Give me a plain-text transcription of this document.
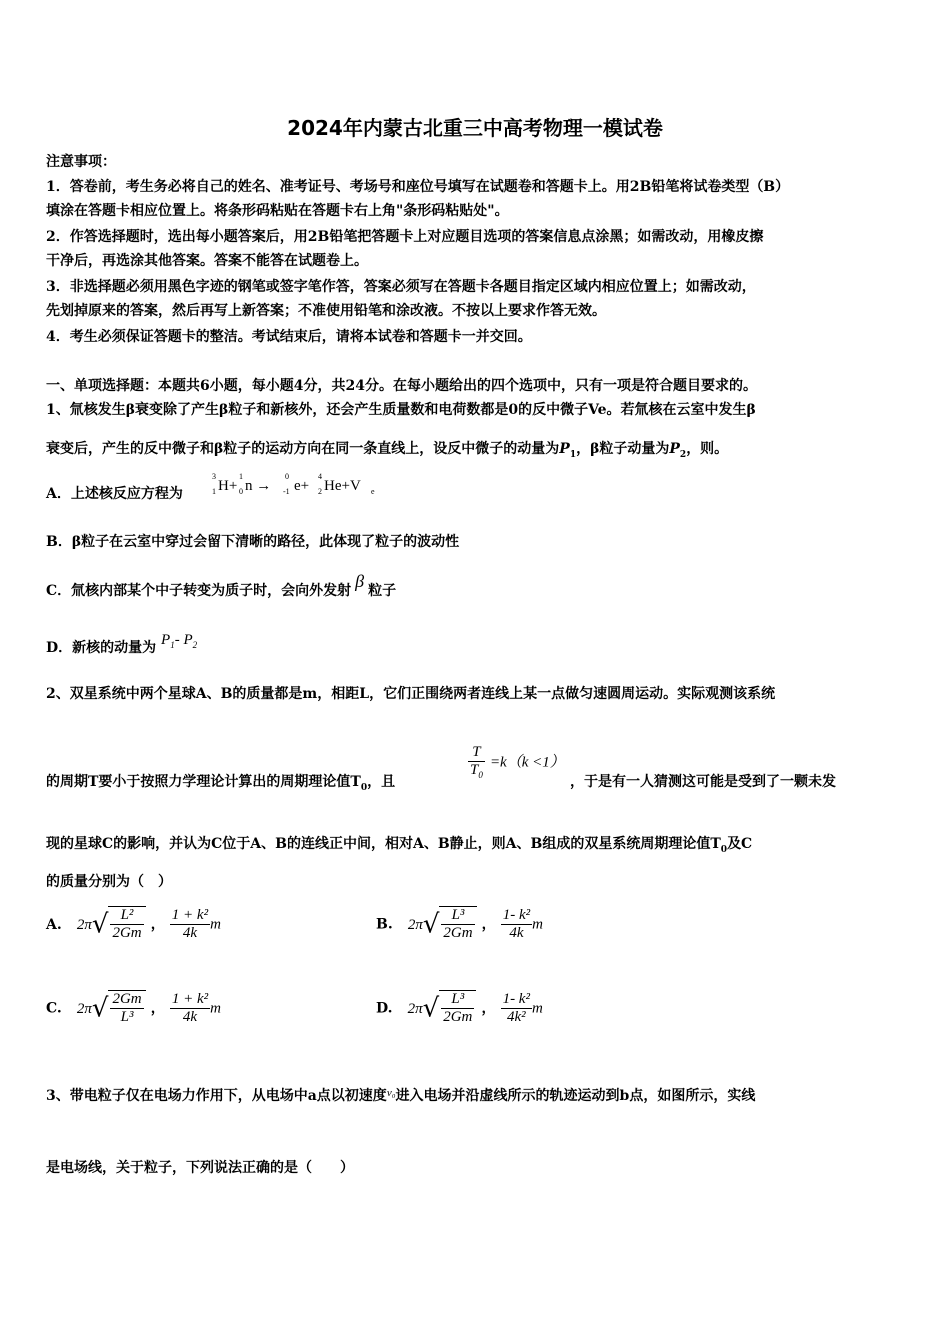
2024年内蒙古北重三中高考物理一模试卷
注意事项：
1．答卷前，考生务必将自己的姓名、准考证号、考场号和座位号填写在试题卷和答题卡上。用2B铅笔将试卷类型（B）
填涂在答题卡相应位置上。将条形码粘贴在答题卡右上角"条形码粘贴处"。
2．作答选择题时，选出每小题答案后，用2B铅笔把答题卡上对应题目选项的答案信息点涂黑；如需改动，用橡皮擦
干净后，再选涂其他答案。答案不能答在试题卷上。
3．非选择题必须用黑色字迹的钢笔或签字笔作答，答案必须写在答题卡各题目指定区域内相应位置上；如需改动，
先划掉原来的答案，然后再写上新答案；不准使用铅笔和涂改液。不按以上要求作答无效。
4．考生必须保证答题卡的整洁。考试结束后，请将本试卷和答题卡一并交回。
一、单项选择题：本题共6小题，每小题4分，共24分。在每小题给出的四个选项中，只有一项是符合题目要求的。
1、氚核发生β衰变除了产生β粒子和新核外，还会产生质量数和电荷数都是0的反中微子Ve。若氚核在云室中发生β
衰变后，产生的反中微子和β粒子的运动方向在同一条直线上，设反中微子的动量为$P_1$，β粒子动量为$P_2$，则。
A．上述核反应方程为
3
1 H+
1
0 n →
0
-1 e+
4
2 He+V e
B．β粒子在云室中穿过会留下清晰的路径，此体现了粒子的波动性
C．氚核内部某个中子转变为质子时，会向外发射 β 粒子
D．新核的动量为 $P_1-$ $P_2$
2、双星系统中两个星球A、B的质量都是m，相距L，它们正围绕两者连线上某一点做匀速圆周运动。实际观测该系统
的周期T要小于按照力学理论计算出的周期理论值$T_0$，且
$\frac{T}{T_0} =k(k <1)$
，于是有一人猜测这可能是受到了一颗未发
现的星球C的影响，并认为C位于A、B的连线正中间，相对A、B静止，则A、B组成的双星系统周期理论值$T_0$及C
的质量分别为（　）
A. $2\pi√ \frac{\text{L²}}{2Gm}$ ， $\frac{\text{1 + k²}}{4k}$ m	B. $2\pi√ \frac{\text{L³}}{2Gm}$ ， $\frac{\text{1- k²}}{4k}$ m
C. $2\pi√ \frac{2Gm}{\text{L³}}$ ， $\frac{\text{1 + k²}}{4k}$ m	D. $2\pi√ \frac{\text{L³}}{2Gm}$ ， $\frac{\text{1- k²}}{\text{4k²}}$ m
3、带电粒子仅在电场力作用下，从电场中a点以初速度$^{v_0}$进入电场并沿虚线所示的轨迹运动到b点，如图所示，实线
是电场线，关于粒子，下列说法正确的是（　　）
